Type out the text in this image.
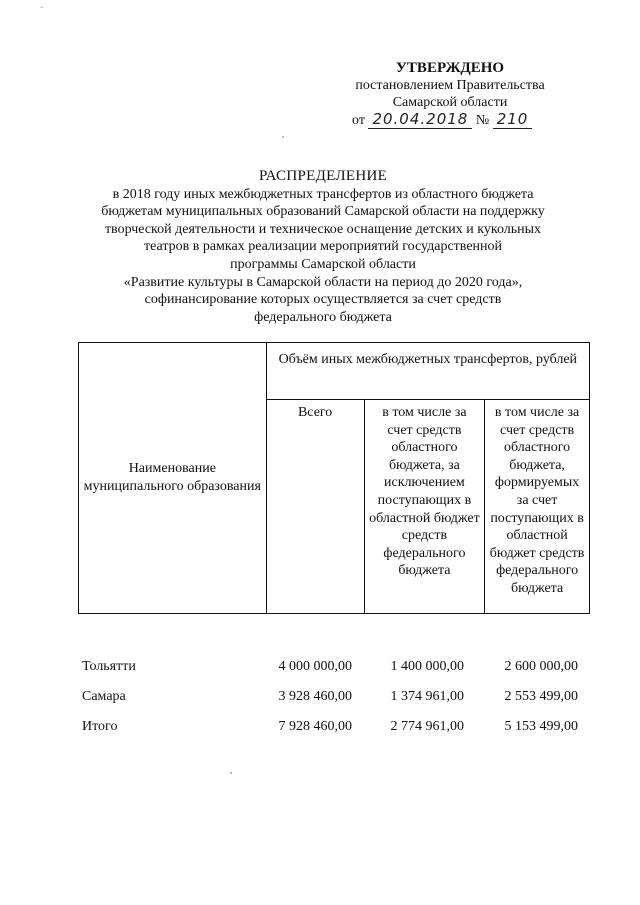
ˇ
УТВЕРЖДЕНО
постановлением Правительства
Самарской области
от 20.04.2018 № 210
РАСПРЕДЕЛЕНИЕ
в 2018 году иных межбюджетных трансфертов из областного бюджета
бюджетам муниципальных образований Самарской области на поддержку
творческой деятельности и техническое оснащение детских и кукольных
театров в рамках реализации мероприятий государственной
программы Самарской области
«Развитие культуры в Самарской области на период до 2020 года»,
софинансирование которых осуществляется за счет средств
федерального бюджета
Наименование муниципального образования	Объём иных межбюджетных трансфертов, рублей		
	Всего	в том числе за счет средств областного бюджета, за исключением поступающих в областной бюджет средств федерального бюджета	в том числе за счет средств областного бюджета, формируемых за счет поступающих в областной бюджет средств федерального бюджета
Тольятти	4 000 000,00	1 400 000,00	2 600 000,00
Самара	3 928 460,00	1 374 961,00	2 553 499,00
Итого	7 928 460,00	2 774 961,00	5 153 499,00
